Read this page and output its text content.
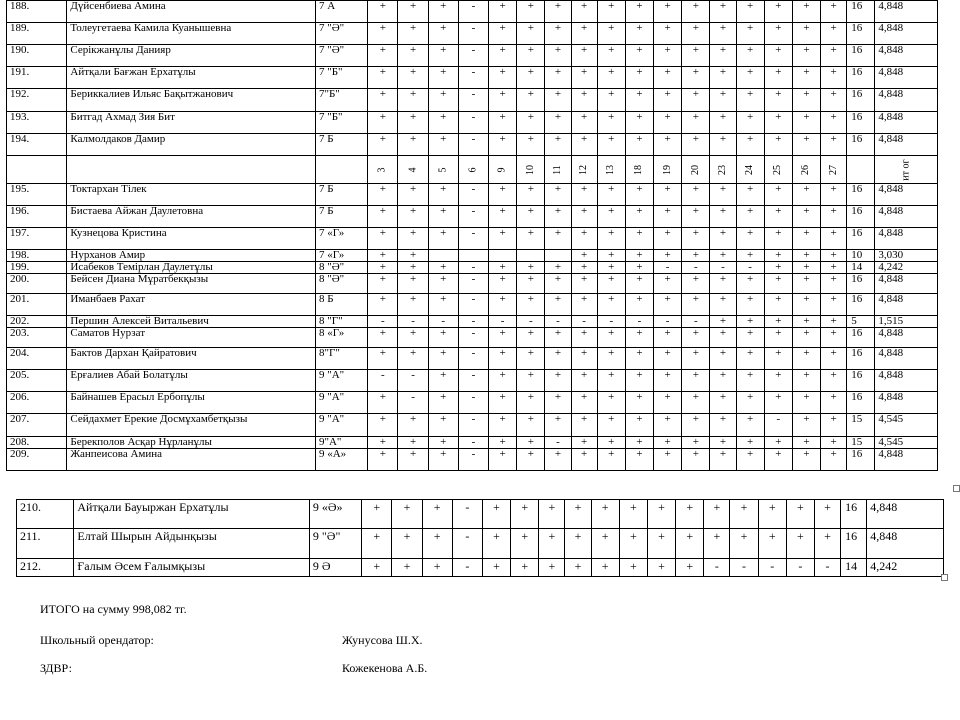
188.	Дүйсенбиева Амина	7 А	+	+	+	-	+	+	+	+	+	+	+	+	+	+	+	+	+	16	4,848
189.	Толеугетаева Камила Куанышевна	7 "Ә"	+	+	+	-	+	+	+	+	+	+	+	+	+	+	+	+	+	16	4,848
190.	Серікжанұлы Данияр	7 "Ә"	+	+	+	-	+	+	+	+	+	+	+	+	+	+	+	+	+	16	4,848
191.	Айтқали Бағжан Ерхатұлы	7 "Б"	+	+	+	-	+	+	+	+	+	+	+	+	+	+	+	+	+	16	4,848
192.	Бериккалиев Ильяс Бақытжанович	7"Б"	+	+	+	-	+	+	+	+	+	+	+	+	+	+	+	+	+	16	4,848
193.	Битгад Ахмад Зия Бит	7 "Б"	+	+	+	-	+	+	+	+	+	+	+	+	+	+	+	+	+	16	4,848
194.	Калмолдаков Дамир	7 Б	+	+	+	-	+	+	+	+	+	+	+	+	+	+	+	+	+	16	4,848
			3	4	5	6	9	10	11	12	13	18	19	20	23	24	25	26	27		ит ог
195.	Токтархан Тілек	7 Б	+	+	+	-	+	+	+	+	+	+	+	+	+	+	+	+	+	16	4,848
196.	Бистаева Айжан Даулетовна	7 Б	+	+	+	-	+	+	+	+	+	+	+	+	+	+	+	+	+	16	4,848
197.	Кузнецова Кристина	7 «Г»	+	+	+	-	+	+	+	+	+	+	+	+	+	+	+	+	+	16	4,848
198.	Нурханов Амир	7 «Г»	+	+						+	+	+	+	+	+	+	+	+	+	10	3,030
199.	Исабеков Темірлан Даулетұлы	8 "Ә"	+	+	+	-	+	+	+	+	+	+	-	-	-	-	+	+	+	14	4,242
200.	Бейсен Диана Мұратбекқызы	8 "Ә"	+	+	+	-	+	+	+	+	+	+	+	+	+	+	+	+	+	16	4,848
201.	Иманбаев Рахат	8 Б	+	+	+	-	+	+	+	+	+	+	+	+	+	+	+	+	+	16	4,848
202.	Першин Алексей Витальевич	8 "Г"	-	-	-	-	-	-	-	-	-	-	-	-	+	+	+	+	+	5	1,515
203.	Саматов Нурзат	8 «Г»	+	+	+	-	+	+	+	+	+	+	+	+	+	+	+	+	+	16	4,848
204.	Бактов Дархан Қайратович	8"Г"	+	+	+	-	+	+	+	+	+	+	+	+	+	+	+	+	+	16	4,848
205.	Ерғалиев Абай Болатұлы	9 "А"	-	-	+	-	+	+	+	+	+	+	+	+	+	+	+	+	+	16	4,848
206.	Байнашев Ерасыл Ербопұлы	9 "А"	+	-	+	-	+	+	+	+	+	+	+	+	+	+	+	+	+	16	4,848
207.	Сейдахмет Ерекие Досмұхамбетқызы	9 "А"	+	+	+	-	+	+	+	+	+	+	+	+	+	+	-	+	+	15	4,545
208.	Берекполов Асқар Нұрланұлы	9"А"	+	+	+	-	+	+	-	+	+	+	+	+	+	+	+	+	+	15	4,545
209.	Жанпеисова Амина	9 «А»	+	+	+	-	+	+	+	+	+	+	+	+	+	+	+	+	+	16	4,848
210.	Айтқали Бауыржан Ерхатұлы	9 «Ә»	+	+	+	-	+	+	+	+	+	+	+	+	+	+	+	+	+	16	4,848
211.	Елтай Шырын Айдынқызы	9 "Ә"	+	+	+	-	+	+	+	+	+	+	+	+	+	+	+	+	+	16	4,848
212.	Ғалым Әсем Ғалымқызы	9 Ә	+	+	+	-	+	+	+	+	+	+	+	+	-	-	-	-	-	14	4,242
ИТОГО на сумму 998,082 тг.
Школьный орендатор:	Жунусова Ш.Х.
ЗДВР:	Кожекенова А.Б.
